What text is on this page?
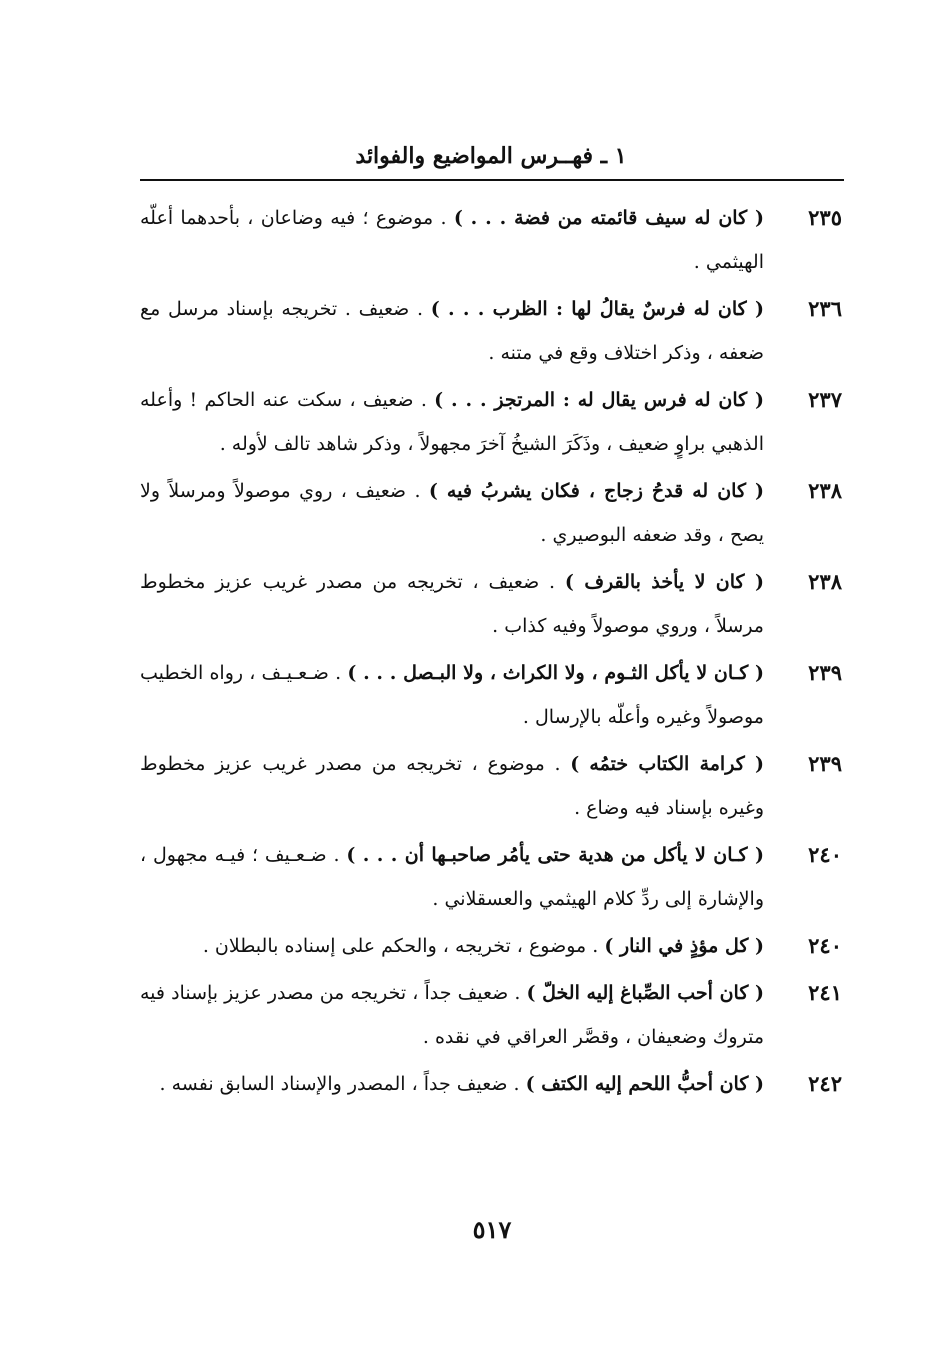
١ ـ فهــرس المواضيع والفوائد
٢٣٥
( كان له سيف قائمته من فضة . . . ) . موضوع ؛ فيه وضاعان ، بأحدهما أعلّه الهيثمي .
٢٣٦
( كان له فرسٌ يقالُ لها : الظرب . . . ) . ضعيف . تخريجه بإسناد مرسل مع ضعفه ، وذكر اختلاف وقع في متنه .
٢٣٧
( كان له فرس يقال له : المرتجز . . . ) . ضعيف ، سكت عنه الحاكم ! وأعله الذهبي براوٍ ضعيف ، وذَكَرَ الشيخُ آخرَ مجهولاً ، وذكر شاهد تالف لأوله .
٢٣٨
( كان له قدحُ زجاج ، فكان يشربُ فيه ) . ضعيف ، روي موصولاً ومرسلاً ولا يصح ، وقد ضعفه البوصيري .
٢٣٨
( كان لا يأخذ بالقرف ) . ضعيف ، تخريجه من مصدر غريب عزيز مخطوط مرسلاً ، وروي موصولاً وفيه كذاب .
٢٣٩
( كـان لا يأكل الثـوم ، ولا الكراث ، ولا البـصل . . . ) . ضـعـيـف ، رواه الخطيب موصولاً وغيره وأعلّه بالإرسال .
٢٣٩
( كرامة الكتاب ختمُه ) . موضوع ، تخريجه من مصدر غريب عزيز مخطوط وغيره بإسناد فيه وضاع .
٢٤٠
( كـان لا يأكل من هدية حتى يأمُر صاحبـها أن . . . ) . ضـعـيف ؛ فيـه مجهول ، والإشارة إلى ردِّ كلام الهيثمي والعسقلاني .
٢٤٠
( كل مؤذٍ في النار ) . موضوع ، تخريجه ، والحكم على إسناده بالبطلان .
٢٤١
( كان أحب الصِّباغ إليه الخلّ ) . ضعيف جداً ، تخريجه من مصدر عزيز بإسناد فيه متروك وضعيفان ، وقصَّر العراقي في نقده .
٢٤٢
( كان أحبُّ اللحم إليه الكتف ) . ضعيف جداً ، المصدر والإسناد السابق نفسه .
٥١٧
